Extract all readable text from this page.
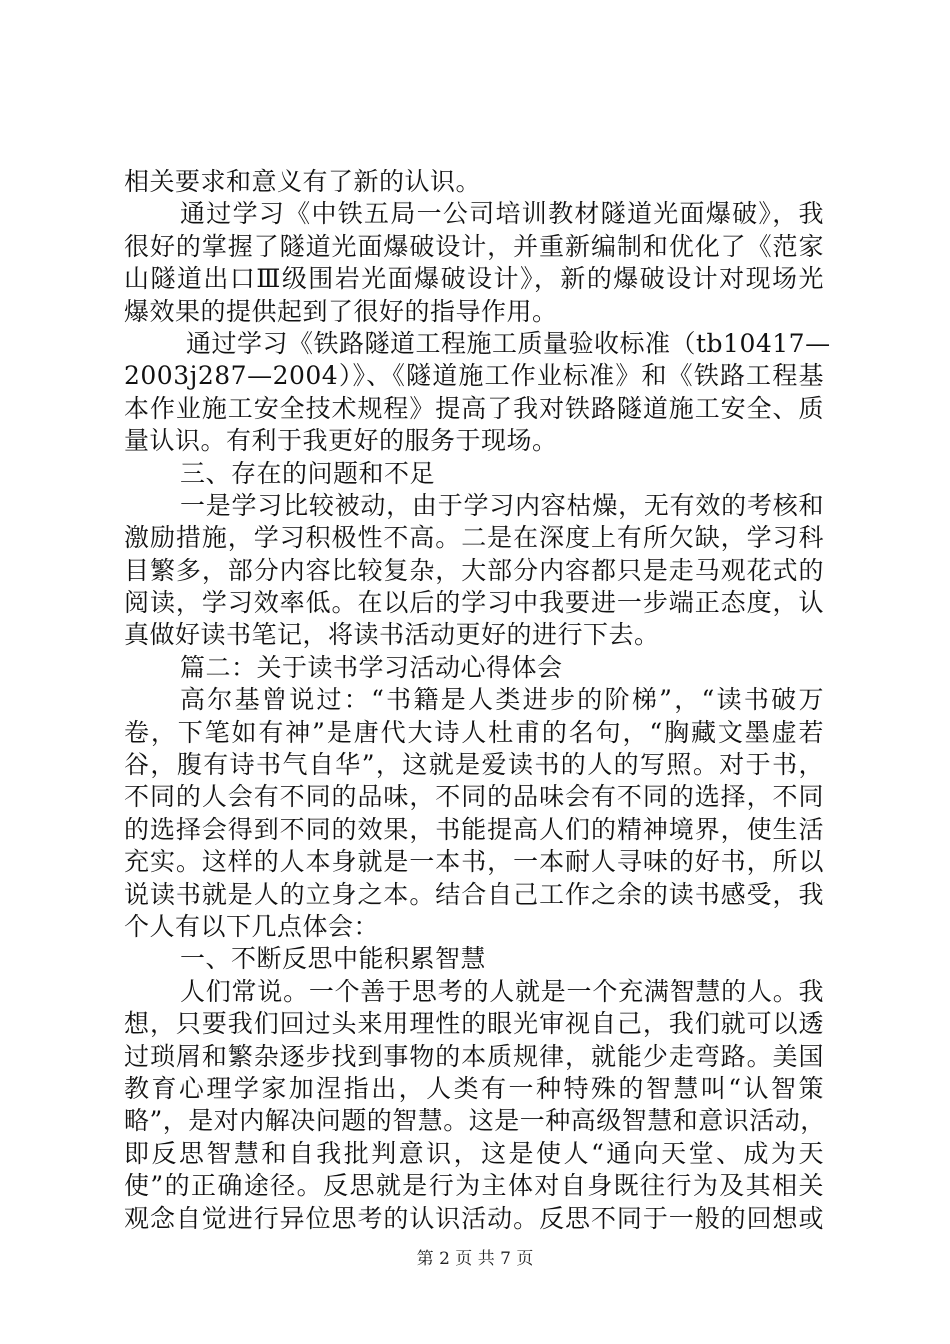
相关要求和意义有了新的认识。
通过学习《中铁五局一公司培训教材隧道光面爆破》，我
很好的掌握了隧道光面爆破设计，并重新编制和优化了《范家
山隧道出口Ⅲ级围岩光面爆破设计》，新的爆破设计对现场光
爆效果的提供起到了很好的指导作用。
通过学习《铁路隧道工程施工质量验收标准（tb10417—
2003j287—2004）》、《隧道施工作业标准》和《铁路工程基
本作业施工安全技术规程》提高了我对铁路隧道施工安全、质
量认识。有利于我更好的服务于现场。
三、存在的问题和不足
一是学习比较被动，由于学习内容枯燥，无有效的考核和
激励措施，学习积极性不高。二是在深度上有所欠缺，学习科
目繁多，部分内容比较复杂，大部分内容都只是走马观花式的
阅读，学习效率低。在以后的学习中我要进一步端正态度，认
真做好读书笔记，将读书活动更好的进行下去。
篇二：关于读书学习活动心得体会
高尔基曾说过：“书籍是人类进步的阶梯”，“读书破万
卷，下笔如有神”是唐代大诗人杜甫的名句，“胸藏文墨虚若
谷，腹有诗书气自华”，这就是爱读书的人的写照。对于书，
不同的人会有不同的品味，不同的品味会有不同的选择，不同
的选择会得到不同的效果，书能提高人们的精神境界，使生活
充实。这样的人本身就是一本书，一本耐人寻味的好书，所以
说读书就是人的立身之本。结合自己工作之余的读书感受，我
个人有以下几点体会：
一、不断反思中能积累智慧
人们常说。一个善于思考的人就是一个充满智慧的人。我
想，只要我们回过头来用理性的眼光审视自己，我们就可以透
过琐屑和繁杂逐步找到事物的本质规律，就能少走弯路。美国
教育心理学家加涅指出，人类有一种特殊的智慧叫“认智策
略”，是对内解决问题的智慧。这是一种高级智慧和意识活动，
即反思智慧和自我批判意识，这是使人“通向天堂、成为天
使”的正确途径。反思就是行为主体对自身既往行为及其相关
观念自觉进行异位思考的认识活动。反思不同于一般的回想或
第 2 页 共 7 页
